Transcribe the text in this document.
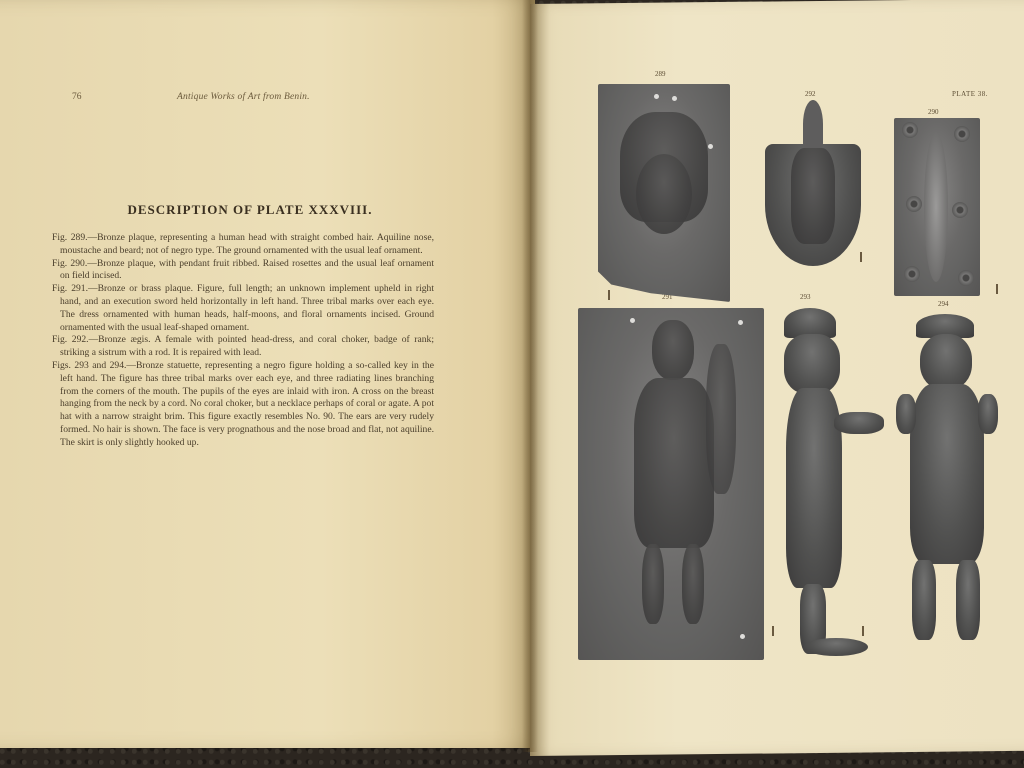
76	Antique Works of Art from Benin.
DESCRIPTION OF PLATE XXXVIII.

Fig. 289.—Bronze plaque, representing a human head with straight combed hair. Aquiline nose, moustache and beard; not of negro type. The ground ornamented with the usual leaf ornament.

Fig. 290.—Bronze plaque, with pendant fruit ribbed. Raised rosettes and the usual leaf ornament on field incised.

Fig. 291.—Bronze or brass plaque. Figure, full length; an unknown implement upheld in right hand, and an execution sword held horizontally in left hand. Three tribal marks over each eye. The dress ornamented with human heads, half-moons, and floral ornaments incised. Ground ornamented with the usual leaf-shaped ornament.

Fig. 292.—Bronze ægis. A female with pointed head-dress, and coral choker, badge of rank; striking a sistrum with a rod. It is repaired with lead.

Figs. 293 and 294.—Bronze statuette, representing a negro figure holding a so-called key in the left hand. The figure has three tribal marks over each eye, and three radiating lines branching from the corners of the mouth. The pupils of the eyes are inlaid with iron. A cross on the breast hanging from the neck by a cord. No coral choker, but a necklace perhaps of coral or agate. A pot hat with a narrow straight brim. This figure exactly resembles No. 90. The ears are very rudely formed. No hair is shown. The face is very prognathous and the nose broad and flat, not aquiline. The skirt is only slightly hooked up.

PLATE 38.
289
292
290
291	293
294
